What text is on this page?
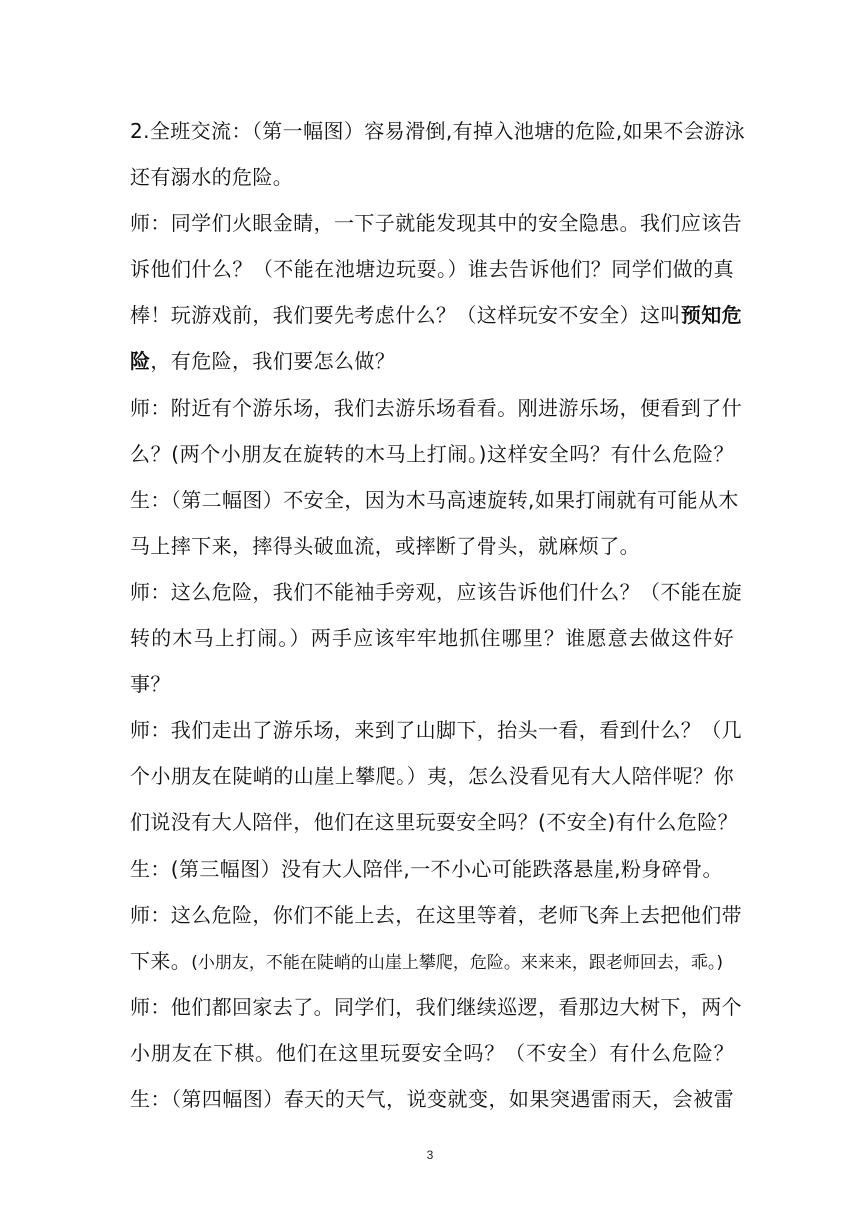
2.全班交流：（第一幅图）容易滑倒,有掉入池塘的危险,如果不会游泳
还有溺水的危险。
师：同学们火眼金睛，一下子就能发现其中的安全隐患。我们应该告
诉他们什么？（不能在池塘边玩耍。）谁去告诉他们？同学们做的真
棒！玩游戏前，我们要先考虑什么？（这样玩安不安全）这叫预知危
险，有危险，我们要怎么做？
师：附近有个游乐场，我们去游乐场看看。刚进游乐场，便看到了什
么？(两个小朋友在旋转的木马上打闹。)这样安全吗？有什么危险？
生：（第二幅图）不安全，因为木马高速旋转,如果打闹就有可能从木
马上摔下来，摔得头破血流，或摔断了骨头，就麻烦了。
师：这么危险，我们不能袖手旁观，应该告诉他们什么？（不能在旋
转的木马上打闹。）两手应该牢牢地抓住哪里？谁愿意去做这件好
事？
师：我们走出了游乐场，来到了山脚下，抬头一看，看到什么？（几
个小朋友在陡峭的山崖上攀爬。）夷，怎么没看见有大人陪伴呢？你
们说没有大人陪伴，他们在这里玩耍安全吗？(不安全)有什么危险？
生：(第三幅图）没有大人陪伴,一不小心可能跌落悬崖,粉身碎骨。
师：这么危险，你们不能上去，在这里等着，老师飞奔上去把他们带
下来。(小朋友，不能在陡峭的山崖上攀爬，危险。来来来，跟老师回去，乖。)
师：他们都回家去了。同学们，我们继续巡逻，看那边大树下，两个
小朋友在下棋。他们在这里玩耍安全吗？（不安全）有什么危险？
生：（第四幅图）春天的天气，说变就变，如果突遇雷雨天，会被雷
3
